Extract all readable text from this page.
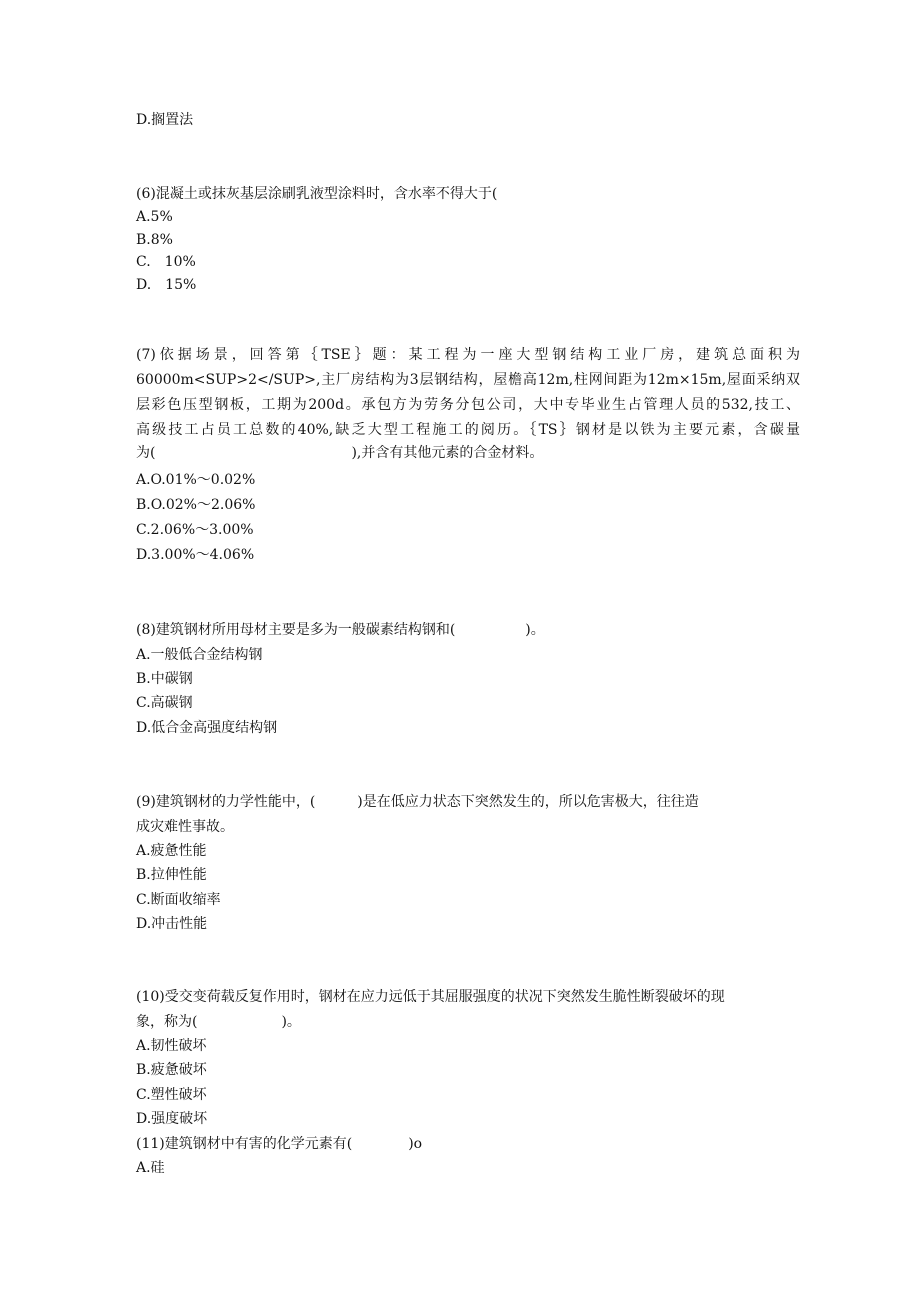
D.搁置法
(6)混凝土或抹灰基层涂刷乳液型涂料时，含水率不得大于(
A.5%
B.8%
C.　10%
D.　15%
(7)依据场景，回答第｛TSE｝题：某工程为一座大型钢结构工业厂房，建筑总面积为
60000m<SUP>2</SUP>,主厂房结构为3层钢结构，屋檐高12m,柱网间距为12m×15m,屋面采纳双
层彩色压型钢板，工期为200d。承包方为劳务分包公司，大中专毕业生占管理人员的532,技工、
高级技工占员工总数的40%,缺乏大型工程施工的阅历。｛TS｝钢材是以铁为主要元素，含碳量
为(　　　　　　　　　　　　　　),并含有其他元素的合金材料。
A.O.01%～0.02%
B.O.02%～2.06%
C.2.06%～3.00%
D.3.00%～4.06%
(8)建筑钢材所用母材主要是多为一般碳素结构钢和(　　　　　)。
A.一般低合金结构钢
B.中碳钢
C.高碳钢
D.低合金高强度结构钢
(9)建筑钢材的力学性能中，(　　　)是在低应力状态下突然发生的，所以危害极大，往往造
成灾难性事故。
A.疲惫性能
B.拉伸性能
C.断面收缩率
D.冲击性能
(10)受交变荷载反复作用时，钢材在应力远低于其屈服强度的状况下突然发生脆性断裂破坏的现
象，称为(　　　　　　)。
A.韧性破坏
B.疲惫破坏
C.塑性破坏
D.强度破坏
(11)建筑钢材中有害的化学元素有(　　　　)o
A.硅
